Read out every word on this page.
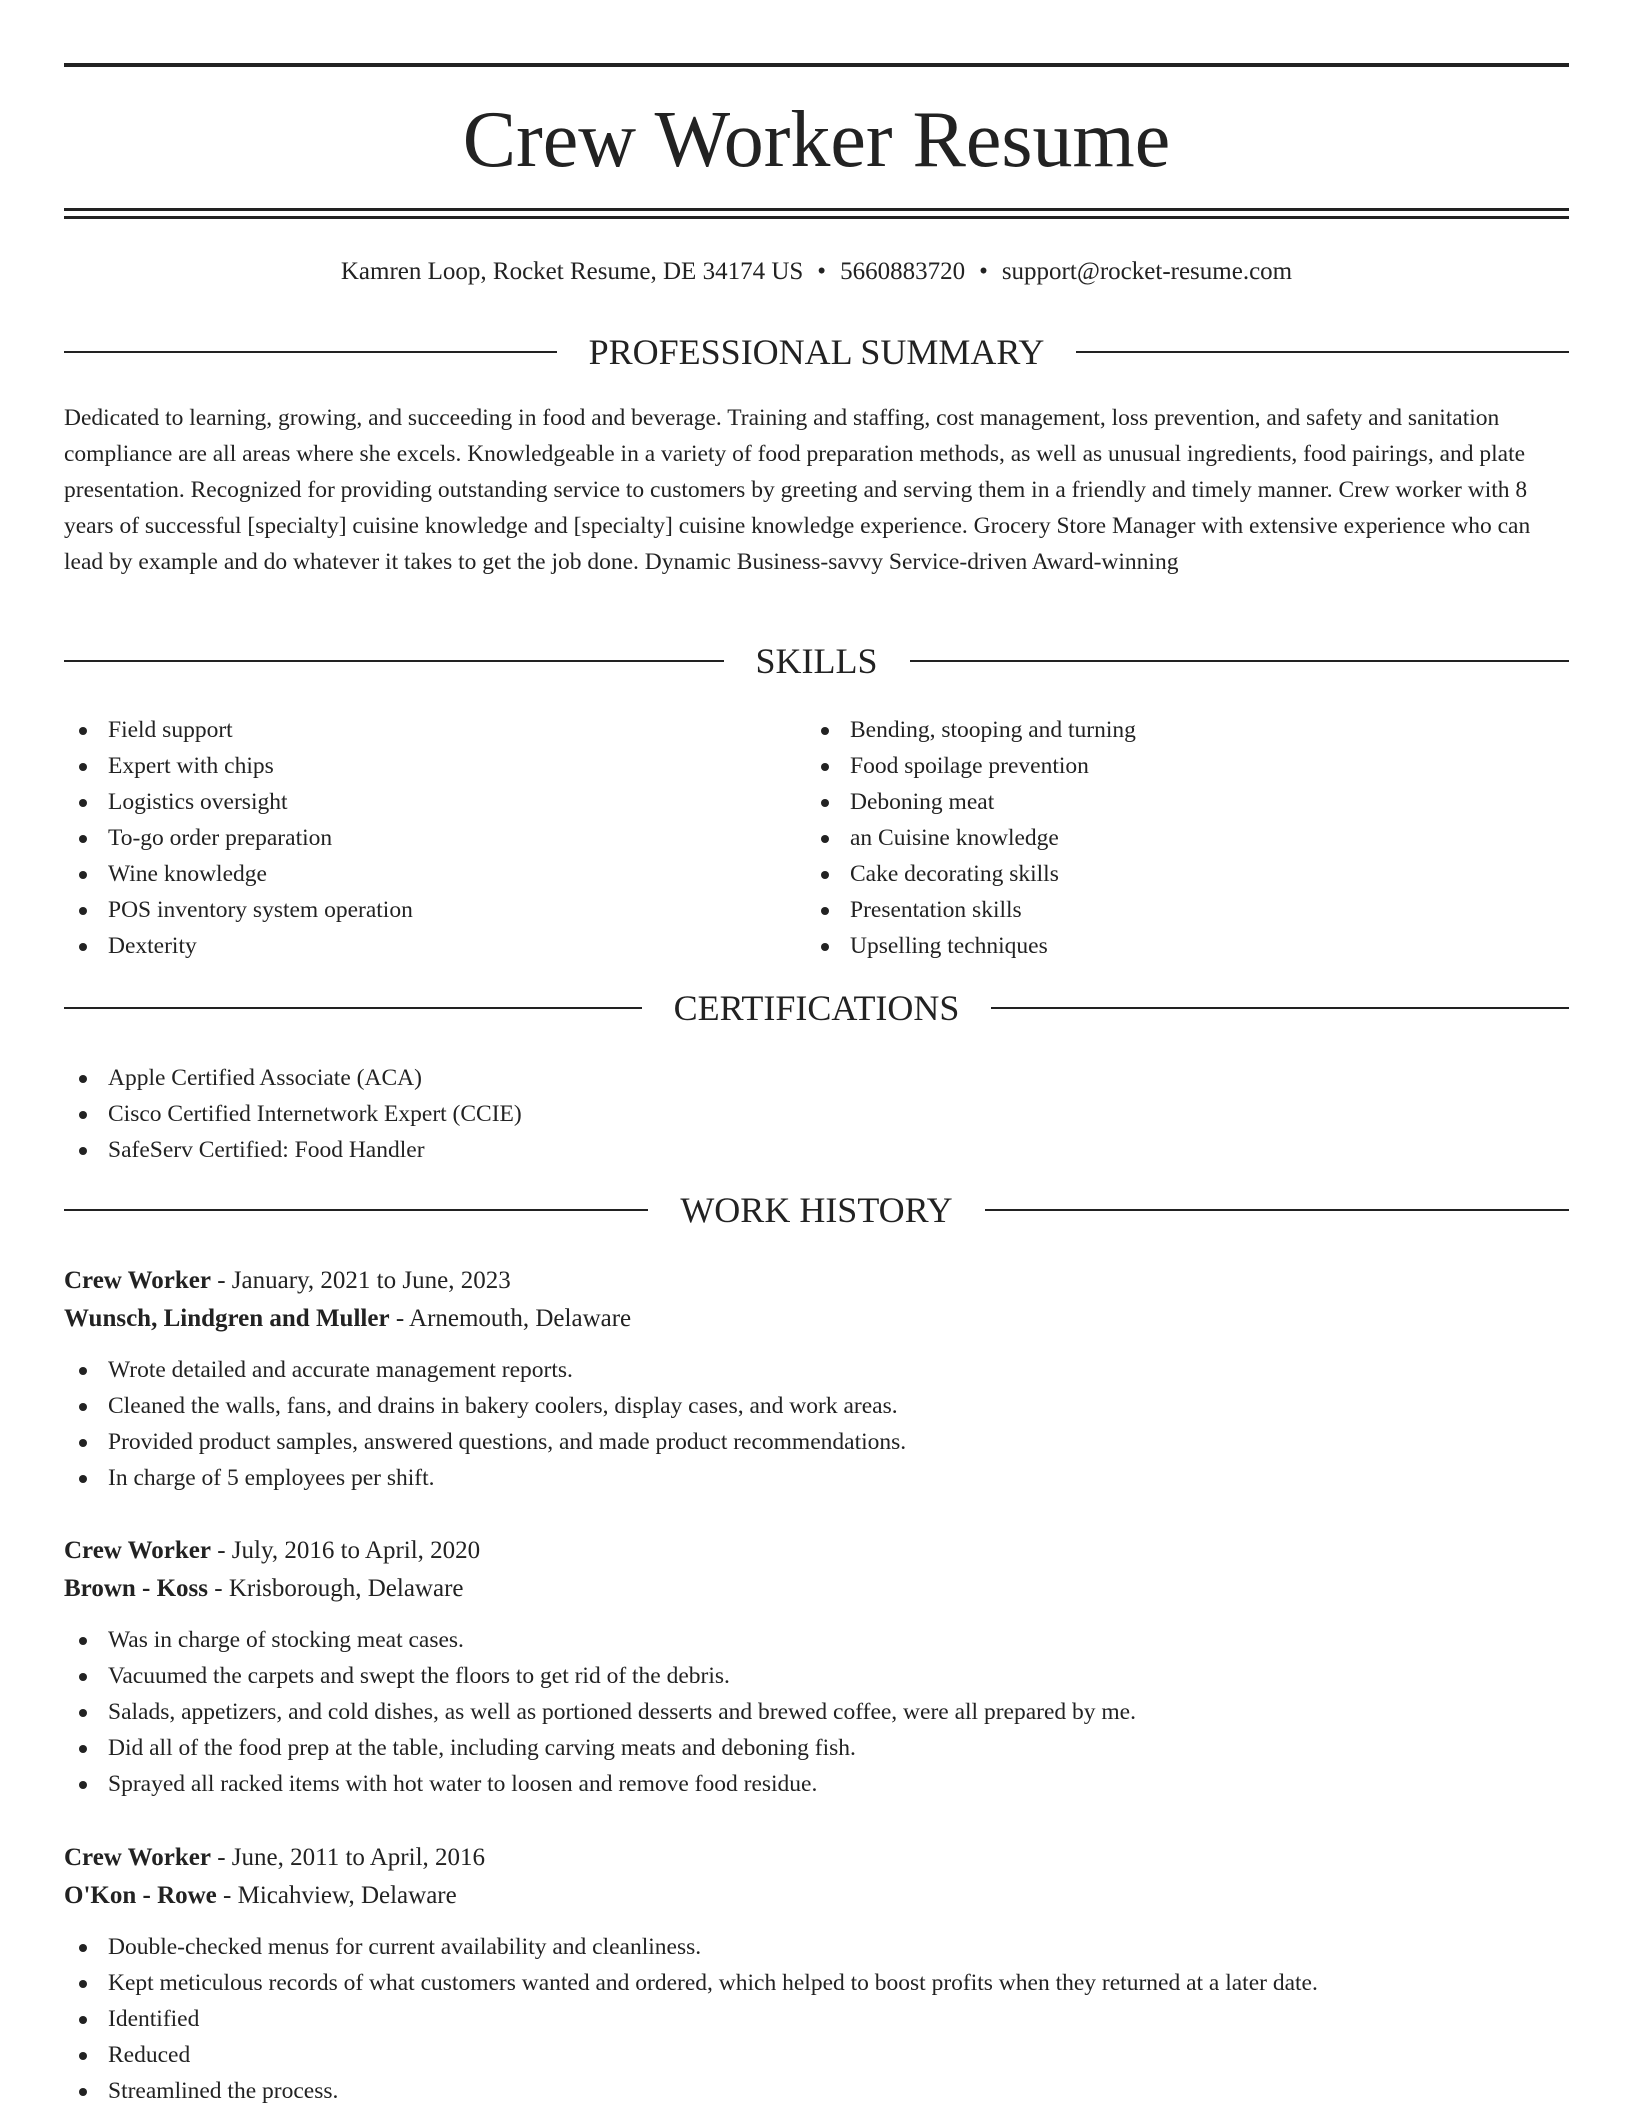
Crew Worker Resume
Kamren Loop, Rocket Resume, DE 34174 US • 5660883720 • support@rocket-resume.com
PROFESSIONAL SUMMARY

Dedicated to learning, growing, and succeeding in food and beverage. Training and staffing, cost management, loss prevention, and safety and sanitation compliance are all areas where she excels. Knowledgeable in a variety of food preparation methods, as well as unusual ingredients, food pairings, and plate presentation. Recognized for providing outstanding service to customers by greeting and serving them in a friendly and timely manner. Crew worker with 8 years of successful [specialty] cuisine knowledge and [specialty] cuisine knowledge experience. Grocery Store Manager with extensive experience who can lead by example and do whatever it takes to get the job done. Dynamic Business-savvy Service-driven Award-winning

SKILLS
Field support
Expert with chips
Logistics oversight
To-go order preparation
Wine knowledge
POS inventory system operation
Dexterity
Bending, stooping and turning
Food spoilage prevention
Deboning meat
an Cuisine knowledge
Cake decorating skills
Presentation skills
Upselling techniques
CERTIFICATIONS
Apple Certified Associate (ACA)
Cisco Certified Internetwork Expert (CCIE)
SafeServ Certified: Food Handler
WORK HISTORY
Crew Worker - January, 2021 to June, 2023
Wunsch, Lindgren and Muller - Arnemouth, Delaware
Wrote detailed and accurate management reports.
Cleaned the walls, fans, and drains in bakery coolers, display cases, and work areas.
Provided product samples, answered questions, and made product recommendations.
In charge of 5 employees per shift.
Crew Worker - July, 2016 to April, 2020
Brown - Koss - Krisborough, Delaware
Was in charge of stocking meat cases.
Vacuumed the carpets and swept the floors to get rid of the debris.
Salads, appetizers, and cold dishes, as well as portioned desserts and brewed coffee, were all prepared by me.
Did all of the food prep at the table, including carving meats and deboning fish.
Sprayed all racked items with hot water to loosen and remove food residue.
Crew Worker - June, 2011 to April, 2016
O'Kon - Rowe - Micahview, Delaware
Double-checked menus for current availability and cleanliness.
Kept meticulous records of what customers wanted and ordered, which helped to boost profits when they returned at a later date.
Identified
Reduced
Streamlined the process.
